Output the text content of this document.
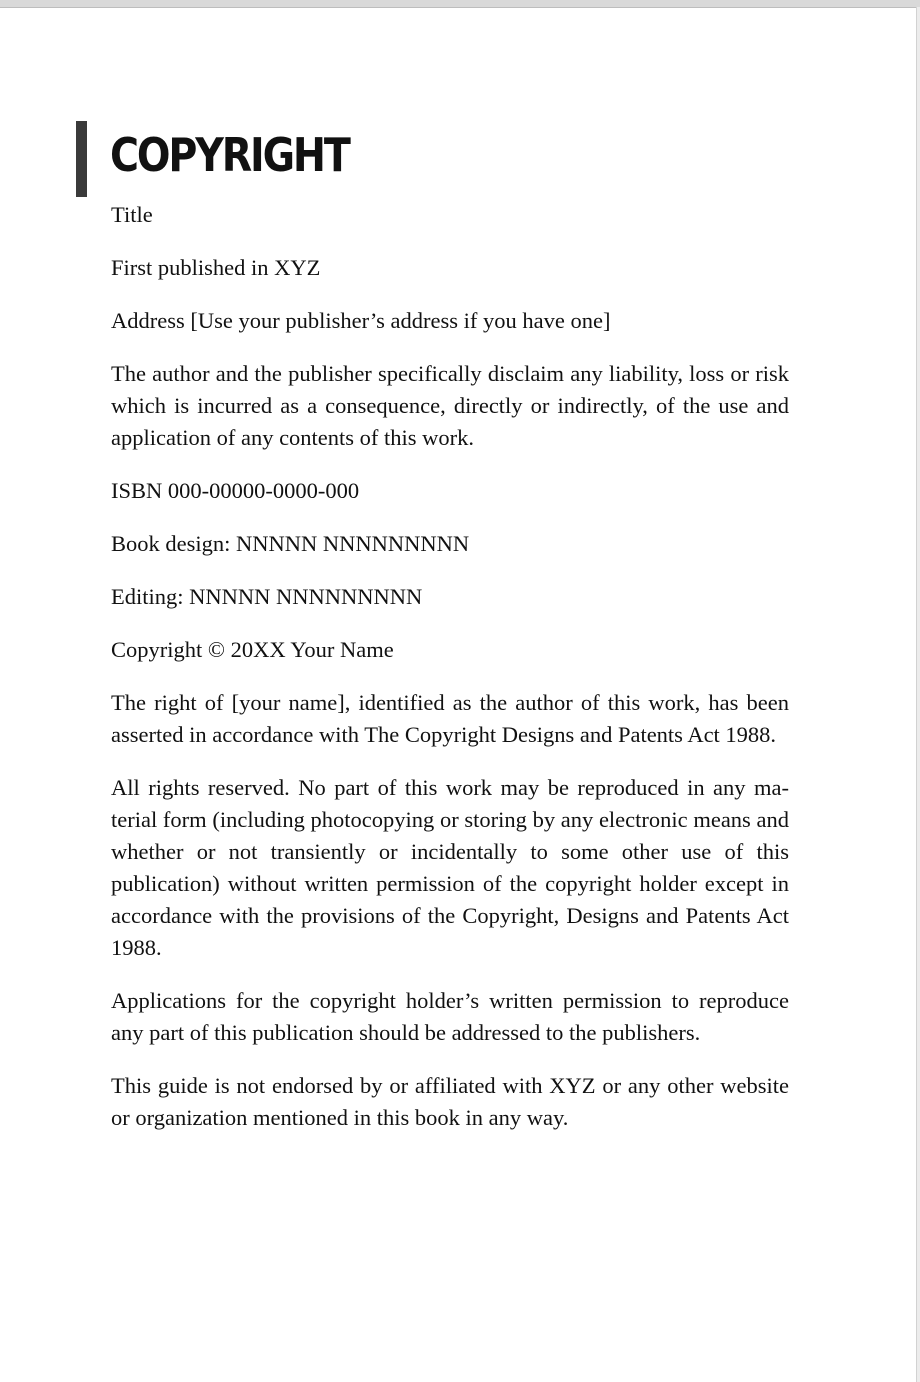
COPYRIGHT

Title

First published in XYZ

Address [Use your publisher’s address if you have one]

The author and the publisher specifically disclaim any liability, loss or risk which is incurred as a consequence, directly or indirectly, of the use and application of any contents of this work.

ISBN 000-00000-0000-000

Book design: NNNNN NNNNNNNNN

Editing: NNNNN NNNNNNNNN

Copyright © 20XX Your Name

The right of [your name], identified as the author of this work, has been asserted in accordance with The Copyright Designs and Patents Act 1988.

All rights reserved. No part of this work may be reproduced in any material form (including photocopying or storing by any electronic means and whether or not transiently or incidentally to some other use of this publication) without written permission of the copyright holder except in accordance with the provisions of the Copyright, Designs and Patents Act 1988.

Applications for the copyright holder’s written permission to reproduce any part of this publication should be addressed to the publishers.

This guide is not endorsed by or affiliated with XYZ or any other website or organization mentioned in this book in any way.
